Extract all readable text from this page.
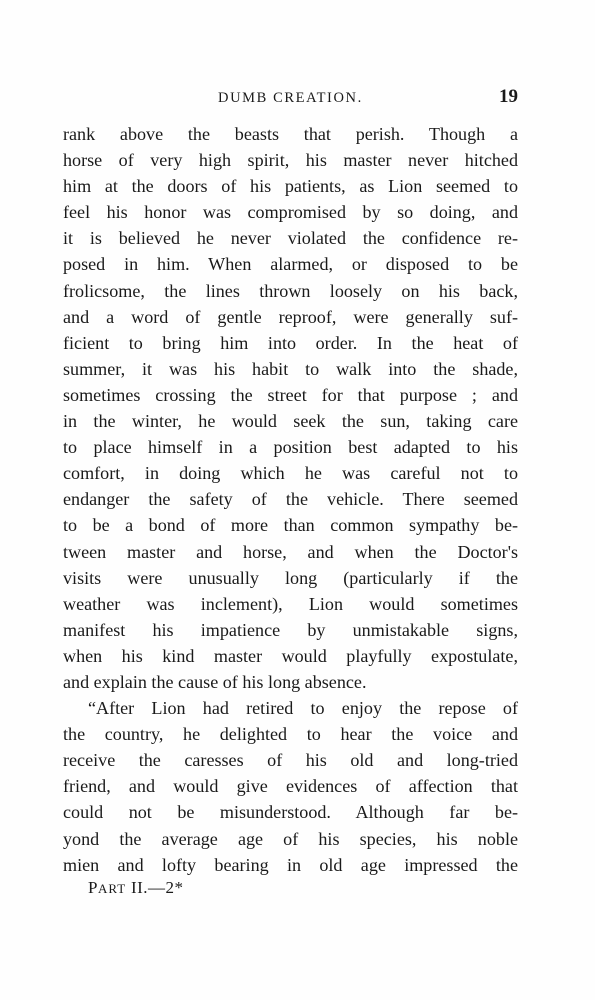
DUMB CREATION.	19
rank above the beasts that perish. Though a
horse of very high spirit, his master never hitched
him at the doors of his patients, as Lion seemed to
feel his honor was compromised by so doing, and
it is believed he never violated the confidence re-
posed in him. When alarmed, or disposed to be
frolicsome, the lines thrown loosely on his back,
and a word of gentle reproof, were generally suf-
ficient to bring him into order. In the heat of
summer, it was his habit to walk into the shade,
sometimes crossing the street for that purpose ; and
in the winter, he would seek the sun, taking care
to place himself in a position best adapted to his
comfort, in doing which he was careful not to
endanger the safety of the vehicle. There seemed
to be a bond of more than common sympathy be-
tween master and horse, and when the Doctor's
visits were unusually long (particularly if the
weather was inclement), Lion would sometimes
manifest his impatience by unmistakable signs,
when his kind master would playfully expostulate,
and explain the cause of his long absence.
“After Lion had retired to enjoy the repose of
the country, he delighted to hear the voice and
receive the caresses of his old and long-tried
friend, and would give evidences of affection that
could not be misunderstood. Although far be-
yond the average age of his species, his noble
mien and lofty bearing in old age impressed the
PART II.—2*
